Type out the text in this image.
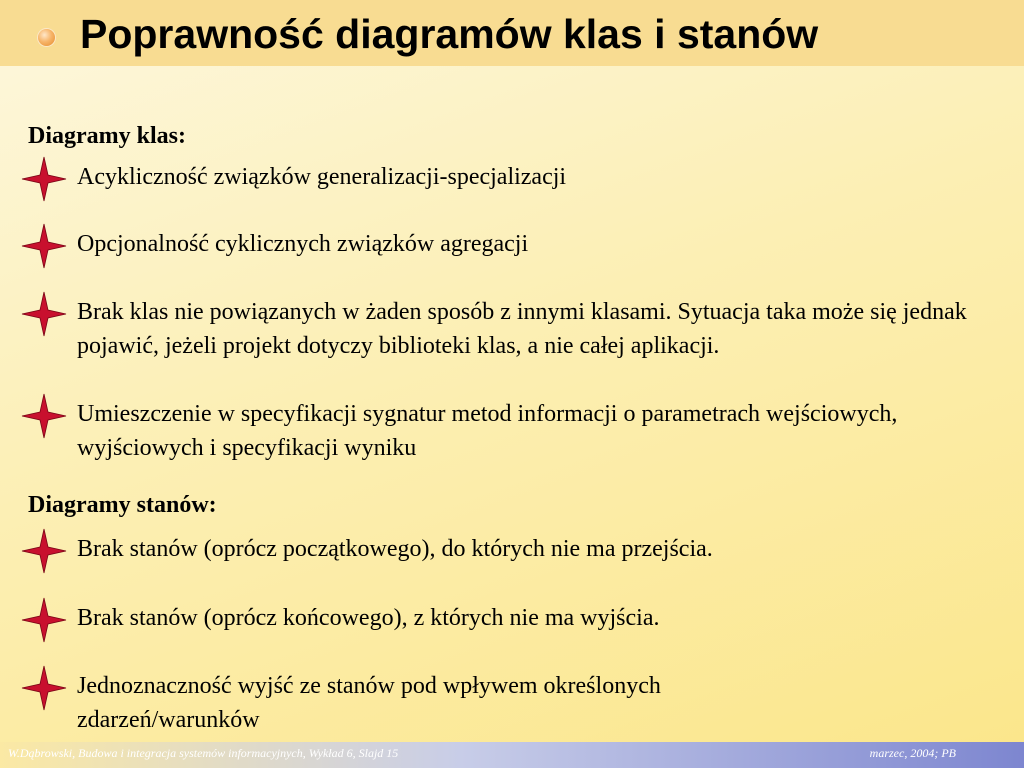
Poprawność diagramów klas i stanów
Diagramy klas:
Acykliczność związków generalizacji-specjalizacji
Opcjonalność cyklicznych związków agregacji
Brak klas nie powiązanych w żaden sposób z innymi klasami. Sytuacja taka może się jednak pojawić, jeżeli projekt dotyczy biblioteki klas, a nie całej aplikacji.
Umieszczenie w specyfikacji sygnatur metod informacji o parametrach wejściowych, wyjściowych i specyfikacji wyniku
Diagramy stanów:
Brak stanów (oprócz początkowego), do których nie ma przejścia.
Brak stanów (oprócz końcowego), z których nie ma wyjścia.
Jednoznaczność wyjść ze stanów pod wpływem określonych zdarzeń/warunków
W.Dąbrowski, Budowa i integracja systemów informacyjnych, Wykład 6, Slajd 15	marzec, 2004; PB
